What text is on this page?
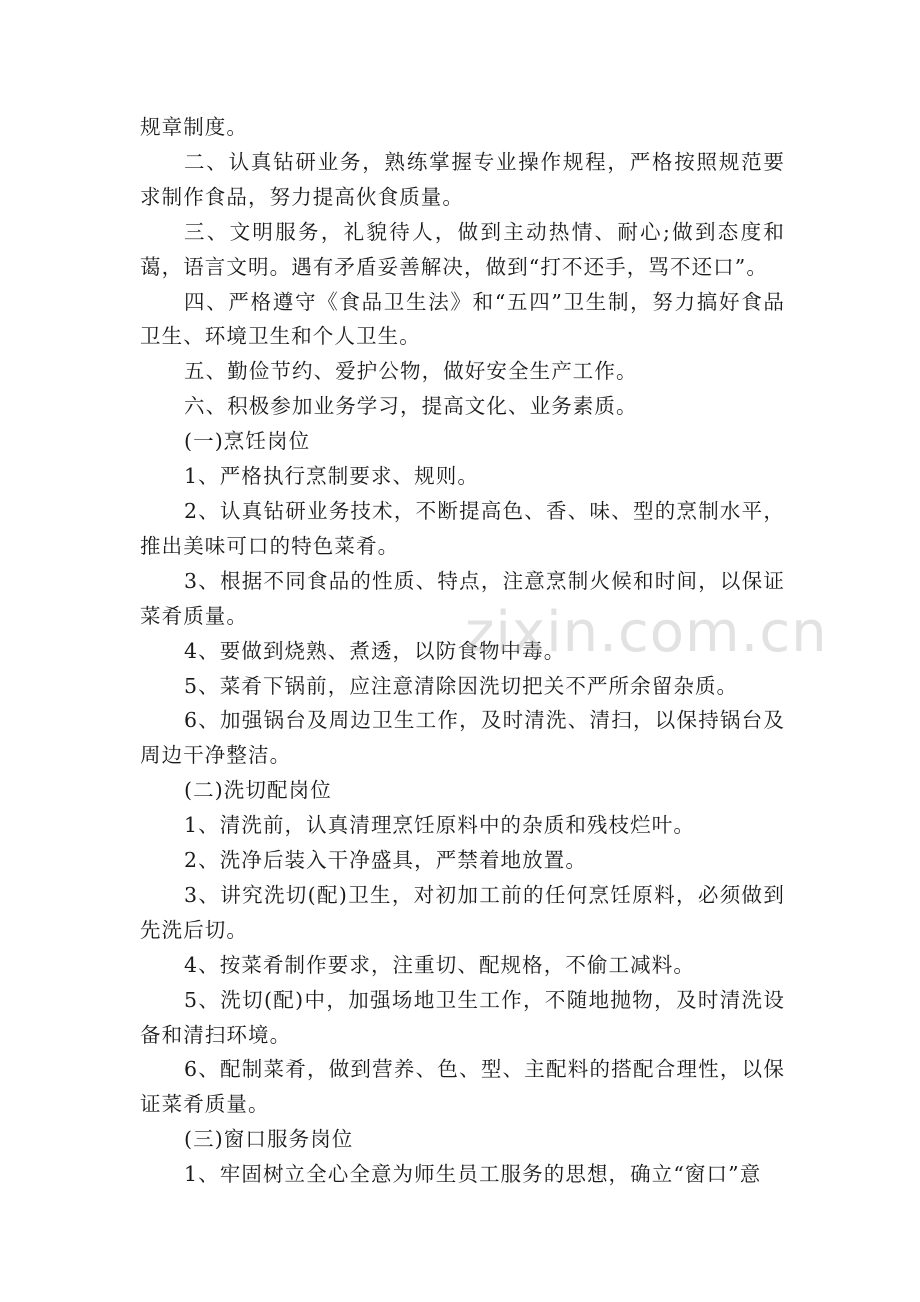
规章制度。

二、认真钻研业务，熟练掌握专业操作规程，严格按照规范要求制作食品，努力提高伙食质量。

三、文明服务，礼貌待人，做到主动热情、耐心;做到态度和蔼，语言文明。遇有矛盾妥善解决，做到“打不还手，骂不还口”。

四、严格遵守《食品卫生法》和“五四”卫生制，努力搞好食品卫生、环境卫生和个人卫生。

五、勤俭节约、爱护公物，做好安全生产工作。

六、积极参加业务学习，提高文化、业务素质。

(一)烹饪岗位

1、严格执行烹制要求、规则。

2、认真钻研业务技术，不断提高色、香、味、型的烹制水平，推出美味可口的特色菜肴。

3、根据不同食品的性质、特点，注意烹制火候和时间，以保证菜肴质量。

4、要做到烧熟、煮透，以防食物中毒。

5、菜肴下锅前，应注意清除因洗切把关不严所余留杂质。

6、加强锅台及周边卫生工作，及时清洗、清扫，以保持锅台及周边干净整洁。

(二)洗切配岗位

1、清洗前，认真清理烹饪原料中的杂质和残枝烂叶。

2、洗净后装入干净盛具，严禁着地放置。

3、讲究洗切(配)卫生，对初加工前的任何烹饪原料，必须做到先洗后切。

4、按菜肴制作要求，注重切、配规格，不偷工减料。

5、洗切(配)中，加强场地卫生工作，不随地抛物，及时清洗设备和清扫环境。

6、配制菜肴，做到营养、色、型、主配料的搭配合理性，以保证菜肴质量。

(三)窗口服务岗位

1、牢固树立全心全意为师生员工服务的思想，确立“窗口”意

zixin.com.cn
